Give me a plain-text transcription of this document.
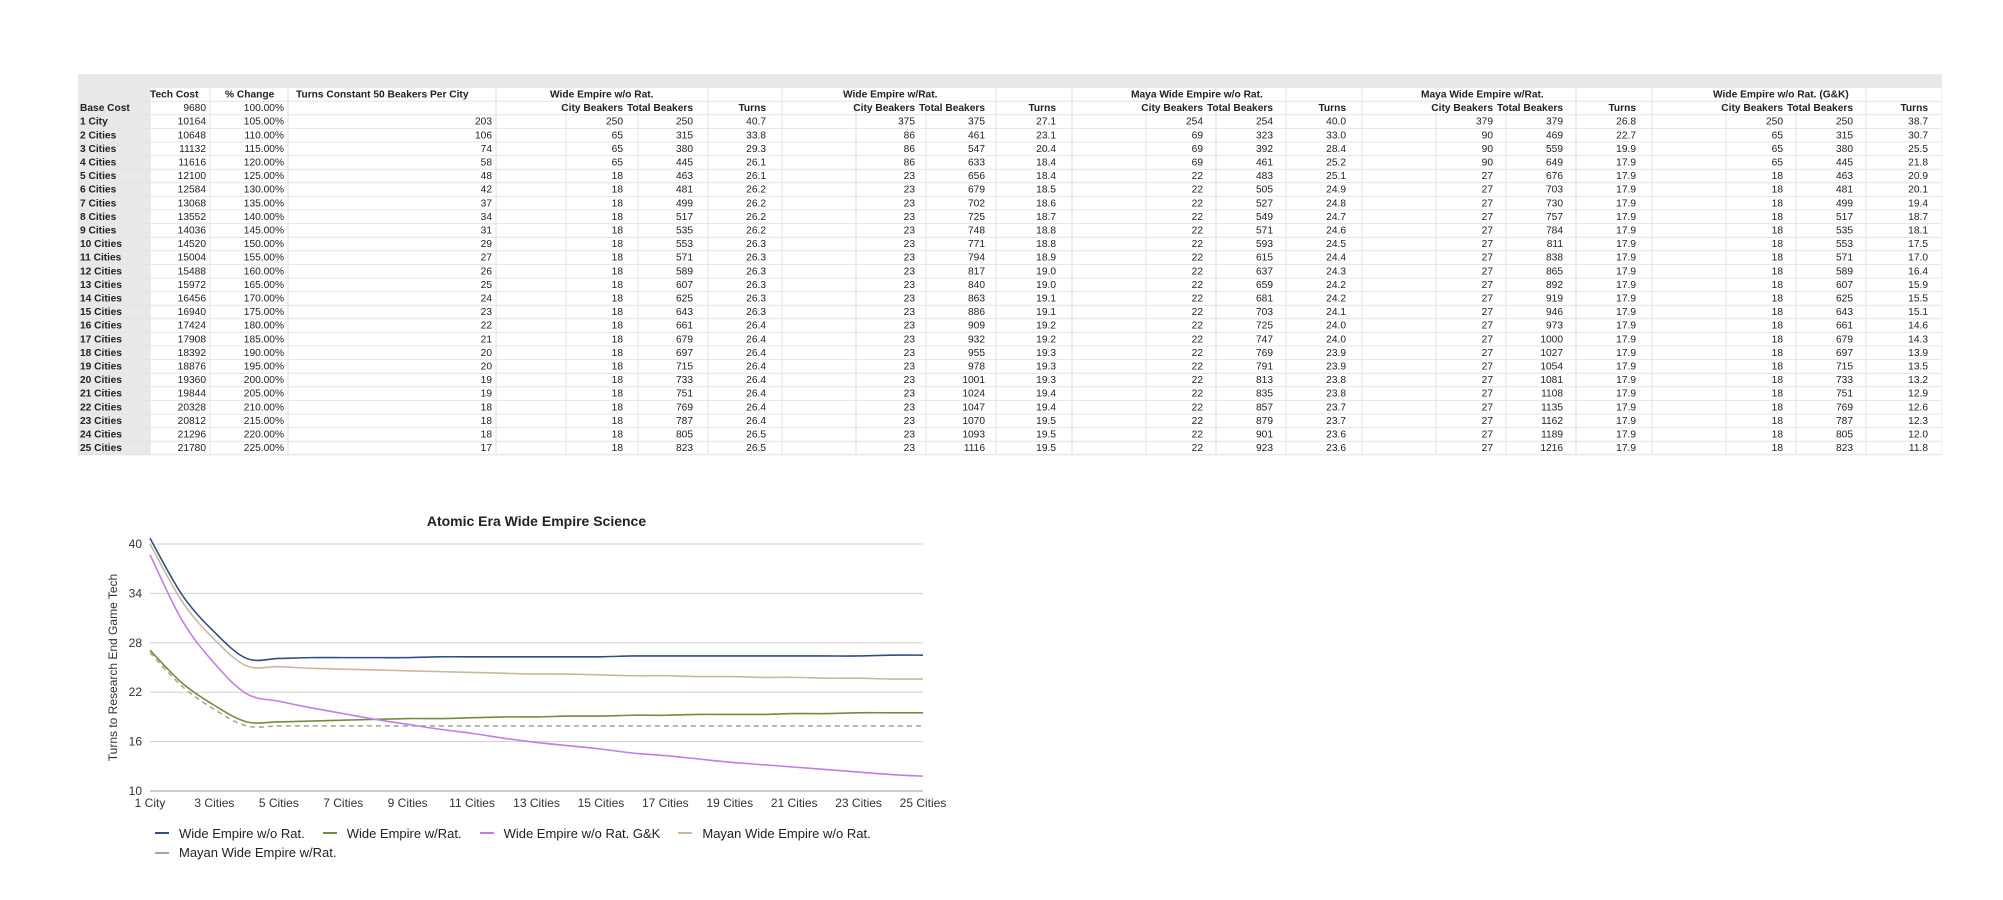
Tech Cost	% Change Turns Constant 50 Beakers Per City	Wide Empire w/o Rat.	Wide Empire w/Rat.	Maya Wide Empire w/o Rat.	Maya Wide Empire w/Rat.	Wide Empire w/o Rat. (G&K)
Base Cost	9680	100.00%	City Beakers Total Beakers	Turns	City Beakers Total Beakers	Turns	City Beakers Total Beakers	Turns	City Beakers Total Beakers	Turns	City Beakers Total Beakers	Turns
1 City	10164	105.00%	203	250	250	40.7	375	375	27.1	254	254	40.0	379	379	26.8	250	250	38.7
2 Cities	10648	110.00%	106	65	315	33.8	86	461	23.1	69	323	33.0	90	469	22.7	65	315	30.7
3 Cities	11132	115.00%	74	65	380	29.3	86	547	20.4	69	392	28.4	90	559	19.9	65	380	25.5
4 Cities	11616	120.00%	58	65	445	26.1	86	633	18.4	69	461	25.2	90	649	17.9	65	445	21.8
5 Cities	12100	125.00%	48	18	463	26.1	23	656	18.4	22	483	25.1	27	676	17.9	18	463	20.9
6 Cities	12584	130.00%	42	18	481	26.2	23	679	18.5	22	505	24.9	27	703	17.9	18	481	20.1
7 Cities	13068	135.00%	37	18	499	26.2	23	702	18.6	22	527	24.8	27	730	17.9	18	499	19.4
8 Cities	13552	140.00%	34	18	517	26.2	23	725	18.7	22	549	24.7	27	757	17.9	18	517	18.7
9 Cities	14036	145.00%	31	18	535	26.2	23	748	18.8	22	571	24.6	27	784	17.9	18	535	18.1
10 Cities	14520	150.00%	29	18	553	26.3	23	771	18.8	22	593	24.5	27	811	17.9	18	553	17.5
11 Cities	15004	155.00%	27	18	571	26.3	23	794	18.9	22	615	24.4	27	838	17.9	18	571	17.0
12 Cities	15488	160.00%	26	18	589	26.3	23	817	19.0	22	637	24.3	27	865	17.9	18	589	16.4
13 Cities	15972	165.00%	25	18	607	26.3	23	840	19.0	22	659	24.2	27	892	17.9	18	607	15.9
14 Cities	16456	170.00%	24	18	625	26.3	23	863	19.1	22	681	24.2	27	919	17.9	18	625	15.5
15 Cities	16940	175.00%	23	18	643	26.3	23	886	19.1	22	703	24.1	27	946	17.9	18	643	15.1
16 Cities	17424	180.00%	22	18	661	26.4	23	909	19.2	22	725	24.0	27	973	17.9	18	661	14.6
17 Cities	17908	185.00%	21	18	679	26.4	23	932	19.2	22	747	24.0	27	1000	17.9	18	679	14.3
18 Cities	18392	190.00%	20	18	697	26.4	23	955	19.3	22	769	23.9	27	1027	17.9	18	697	13.9
19 Cities	18876	195.00%	20	18	715	26.4	23	978	19.3	22	791	23.9	27	1054	17.9	18	715	13.5
20 Cities	19360	200.00%	19	18	733	26.4	23	1001	19.3	22	813	23.8	27	1081	17.9	18	733	13.2
21 Cities	19844	205.00%	19	18	751	26.4	23	1024	19.4	22	835	23.8	27	1108	17.9	18	751	12.9
22 Cities	20328	210.00%	18	18	769	26.4	23	1047	19.4	22	857	23.7	27	1135	17.9	18	769	12.6
23 Cities	20812	215.00%	18	18	787	26.4	23	1070	19.5	22	879	23.7	27	1162	17.9	18	787	12.3
24 Cities	21296	220.00%	18	18	805	26.5	23	1093	19.5	22	901	23.6	27	1189	17.9	18	805	12.0
25 Cities	21780	225.00%	17	18	823	26.5	23	1116	19.5	22	923	23.6	27	1216	17.9	18	823	11.8
Atomic Era Wide Empire Science
10
16
22
28
34
40
1 City 3 Cities 5 Cities 7 Cities 9 Cities 11 Cities 13 Cities 15 Cities 17 Cities 19 Cities 21 Cities 23 Cities 25 Cities
Turns to Research End Game Tech
Wide Empire w/o Rat.	Wide Empire w/Rat.	Wide Empire w/o Rat. G&K	Mayan Wide Empire w/o Rat.
Mayan Wide Empire w/Rat.
